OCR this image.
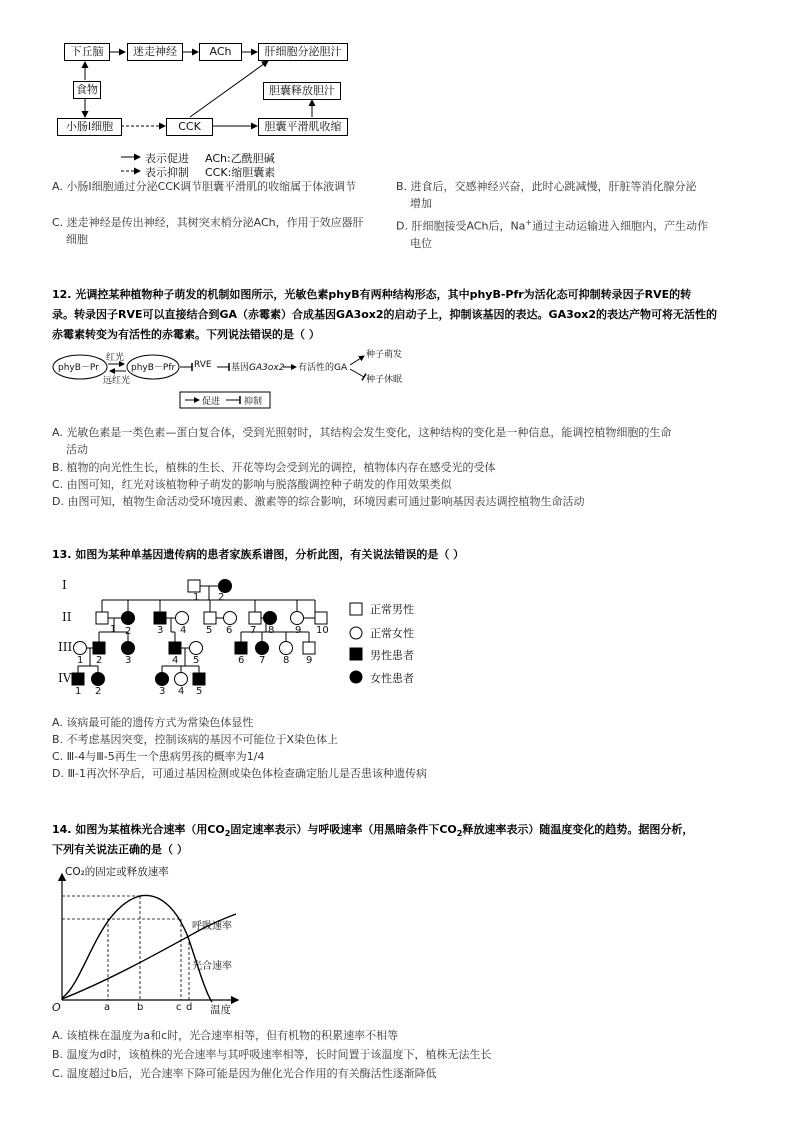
下丘脑	迷走神经	ACh	肝细胞分泌胆汁
食物	胆囊释放胆汁
小肠Ⅰ细胞	CCK	胆囊平滑肌收缩
表示促进 ACh:乙酰胆碱
表示抑制 CCK:缩胆囊素
A. 小肠Ⅰ细胞通过分泌CCK调节胆囊平滑肌的收缩属于体液调节	B. 进食后，交感神经兴奋，此时心跳减慢，肝脏等消化腺分泌
增加
C. 迷走神经是传出神经，其树突末梢分泌ACh，作用于效应器肝
细胞
D. 肝细胞接受ACh后，Na+通过主动运输进入细胞内，产生动作
电位
12. 光调控某种植物种子萌发的机制如图所示，光敏色素phyB有两种结构形态，其中phyB-Pfr为活化态可抑制转录因子RVE的转
录。转录因子RVE可以直接结合到GA（赤霉素）合成基因GA3ox2的启动子上，抑制该基因的表达。GA3ox2的表达产物可将无活性的
赤霉素转变为有活性的赤霉素。下列说法错误的是（ ）
phyB－Pr
红光
远红光
phyB－Pfr RVE 基因GA3ox2 有活性的GA
种子萌发
种子休眠
促进	抑制
A. 光敏色素是一类色素—蛋白复合体，受到光照射时，其结构会发生变化，这种结构的变化是一种信息，能调控植物细胞的生命
活动
B. 植物的向光性生长，植株的生长、开花等均会受到光的调控，植物体内存在感受光的受体
C. 由图可知，红光对该植物种子萌发的影响与脱落酸调控种子萌发的作用效果类似
D. 由图可知，植物生命活动受环境因素、激素等的综合影响，环境因素可通过影响基因表达调控植物生命活动
13. 如图为某种单基因遗传病的患者家族系谱图，分析此图，有关说法错误的是（ ）
I
II
III
IV
1 2
1 2	3 4 5 6 7 8 9 10
1 2 3	4 5	6 7 8 9
1 2	3 4 5
正常男性
正常女性
男性患者
女性患者
A. 该病最可能的遗传方式为常染色体显性
B. 不考虑基因突变，控制该病的基因不可能位于X染色体上
C. Ⅲ-4与Ⅲ-5再生一个患病男孩的概率为1/4
D. Ⅲ-1再次怀孕后，可通过基因检测或染色体检查确定胎儿是否患该种遗传病
14. 如图为某植株光合速率（用$CO_2$固定速率表示）与呼吸速率（用黑暗条件下$CO_2$释放速率表示）随温度变化的趋势。据图分析，
下列有关说法正确的是（ ）
CO₂的固定或释放速率
呼吸速率
光合速率
O	a	b	c d 温度
A. 该植株在温度为a和c时，光合速率相等，但有机物的积累速率不相等
B. 温度为d时，该植株的光合速率与其呼吸速率相等，长时间置于该温度下，植株无法生长
C. 温度超过b后，光合速率下降可能是因为催化光合作用的有关酶活性逐渐降低
